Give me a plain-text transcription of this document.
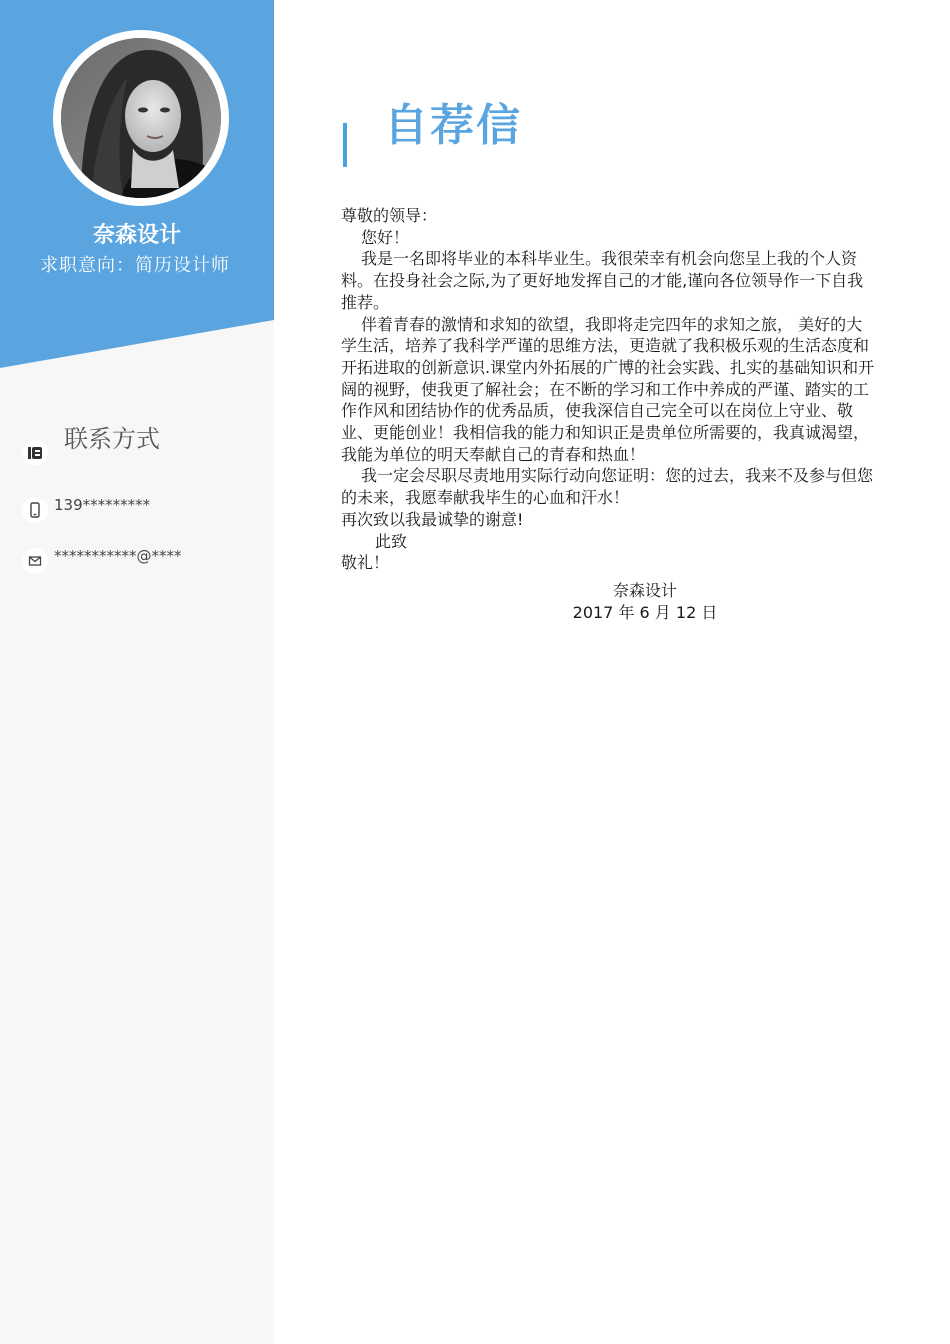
奈森设计
求职意向：简历设计师
联系方式
139*********
***********@****
自荐信

尊敬的领导：

您好！

我是一名即将毕业的本科毕业生。我很荣幸有机会向您呈上我的个人资料。在投身社会之际,为了更好地发挥自己的才能,谨向各位领导作一下自我推荐。

伴着青春的激情和求知的欲望，我即将走完四年的求知之旅， 美好的大学生活，培养了我科学严谨的思维方法，更造就了我积极乐观的生活态度和开拓进取的创新意识.课堂内外拓展的广博的社会实践、扎实的基础知识和开阔的视野，使我更了解社会；在不断的学习和工作中养成的严谨、踏实的工作作风和团结协作的优秀品质，使我深信自己完全可以在岗位上守业、敬业、更能创业！我相信我的能力和知识正是贵单位所需要的，我真诚渴望，我能为单位的明天奉献自己的青春和热血！

我一定会尽职尽责地用实际行动向您证明：您的过去，我来不及参与但您的未来，我愿奉献我毕生的心血和汗水！

再次致以我最诚挚的谢意!

此致

敬礼！

奈森设计
2017 年 6 月 12 日
